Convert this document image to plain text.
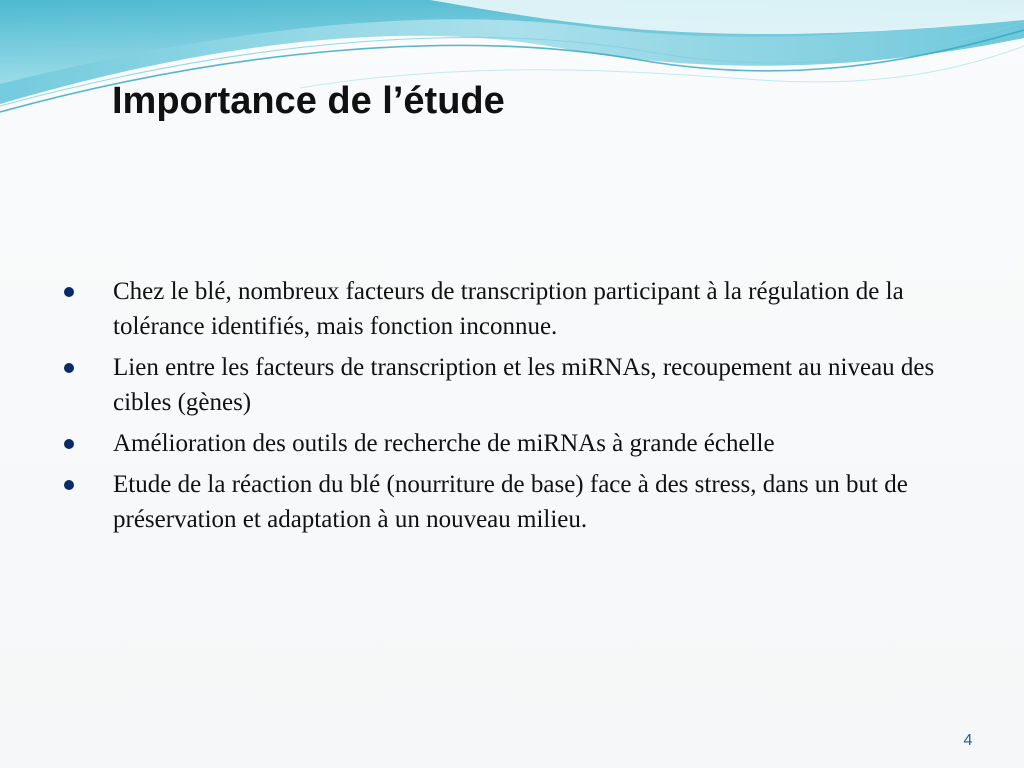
Importance de l’étude
Chez le blé, nombreux facteurs de transcription participant à la régulation de la tolérance identifiés, mais fonction inconnue.
Lien entre les facteurs de transcription et les miRNAs, recoupement au niveau des cibles (gènes)
Amélioration des outils de recherche de miRNAs à grande échelle
Etude de la réaction du blé (nourriture de base) face à des stress, dans un but de préservation et adaptation à un nouveau milieu.
4
